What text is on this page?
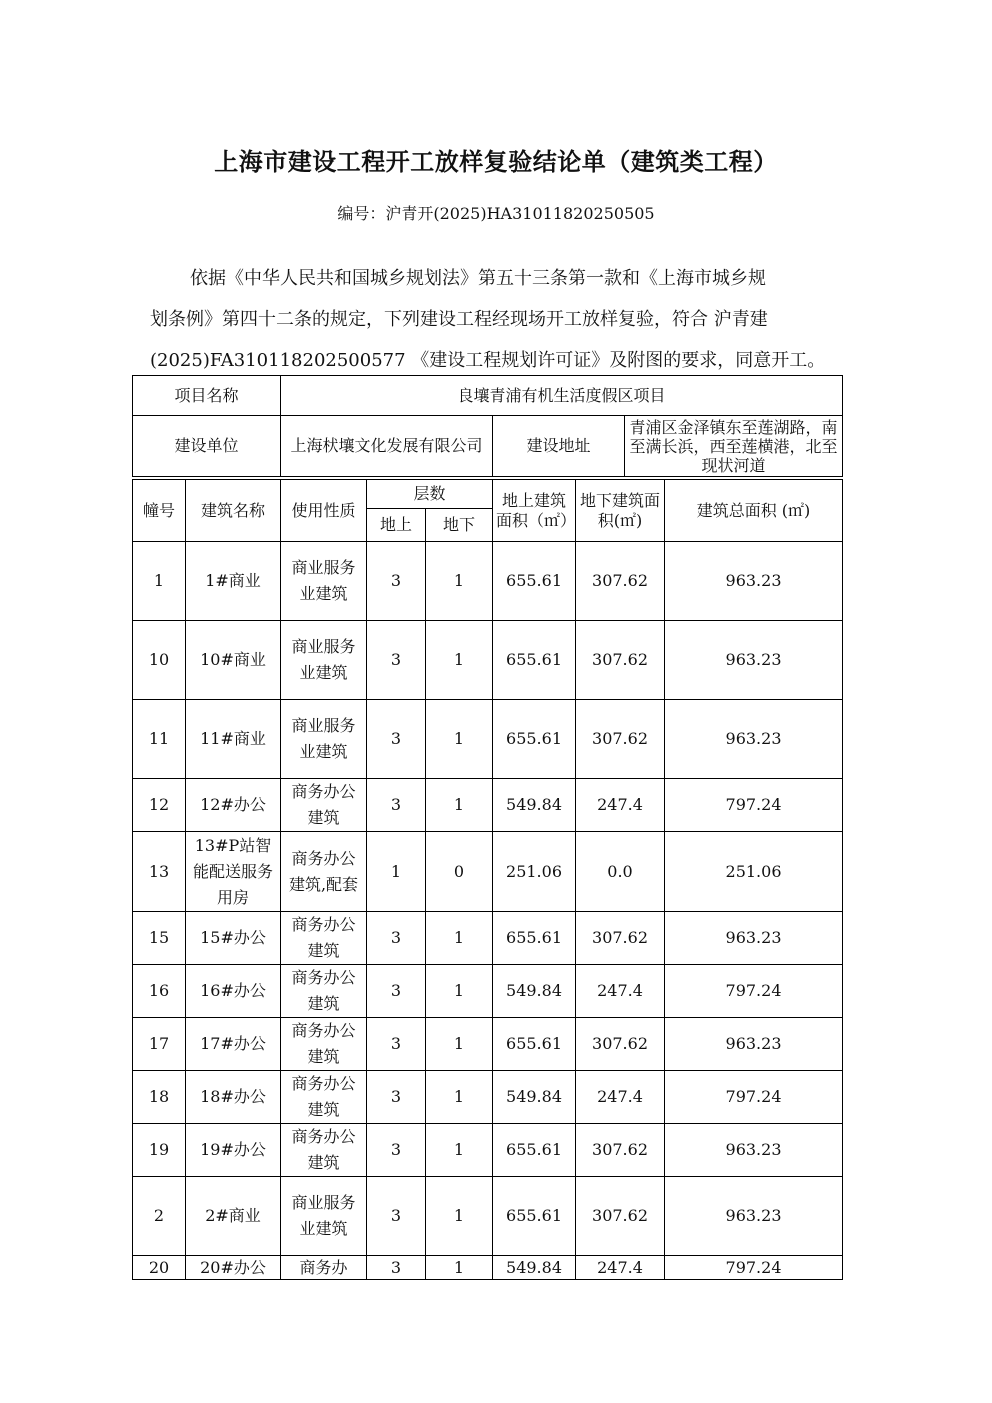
上海市建设工程开工放样复验结论单（建筑类工程）
编号：沪青开(2025)HA31011820250505
依据《中华人民共和国城乡规划法》第五十三条第一款和《上海市城乡规
划条例》第四十二条的规定，下列建设工程经现场开工放样复验，符合 沪青建
(2025)FA310118202500577 《建设工程规划许可证》及附图的要求，同意开工。
项目名称	良壤青浦有机生活度假区项目		
建设单位	上海枤壤文化发展有限公司	建设地址	青浦区金泽镇东至莲湖路，南至满长浜，西至莲横港，北至现状河道
幢号	建筑名称	使用性质	层数		地上建筑面积（㎡）	地下建筑面积(㎡)	建筑总面积 (㎡)
			地上	地下			
1	1#商业	商业服务业建筑	3	1	655.61	307.62	963.23
10	10#商业	商业服务业建筑	3	1	655.61	307.62	963.23
11	11#商业	商业服务业建筑	3	1	655.61	307.62	963.23
12	12#办公	商务办公建筑	3	1	549.84	247.4	797.24
13	13#P站智能配送服务用房	商务办公建筑,配套	1	0	251.06	0.0	251.06
15	15#办公	商务办公建筑	3	1	655.61	307.62	963.23
16	16#办公	商务办公建筑	3	1	549.84	247.4	797.24
17	17#办公	商务办公建筑	3	1	655.61	307.62	963.23
18	18#办公	商务办公建筑	3	1	549.84	247.4	797.24
19	19#办公	商务办公建筑	3	1	655.61	307.62	963.23
2	2#商业	商业服务业建筑	3	1	655.61	307.62	963.23
20	20#办公	商务办	3	1	549.84	247.4	797.24
